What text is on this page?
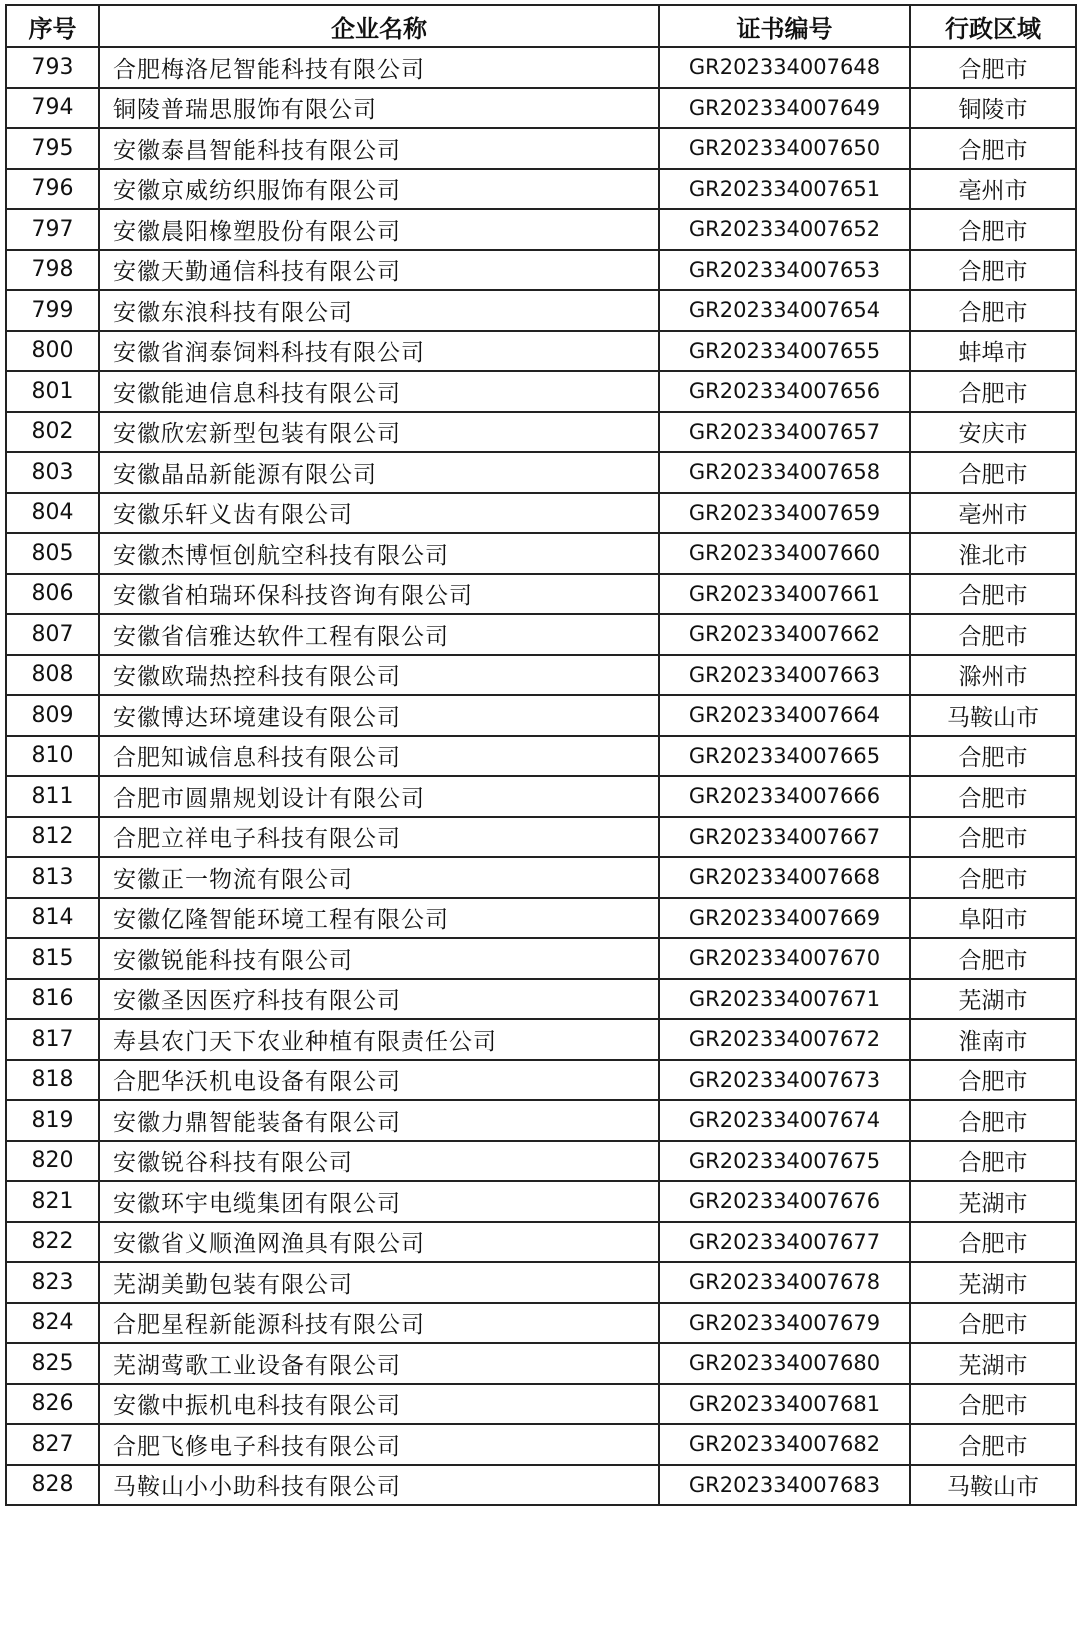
序号	企业名称	证书编号	行政区域
793	合肥梅洛尼智能科技有限公司	GR202334007648	合肥市
794	铜陵普瑞思服饰有限公司	GR202334007649	铜陵市
795	安徽泰昌智能科技有限公司	GR202334007650	合肥市
796	安徽京威纺织服饰有限公司	GR202334007651	亳州市
797	安徽晨阳橡塑股份有限公司	GR202334007652	合肥市
798	安徽天勤通信科技有限公司	GR202334007653	合肥市
799	安徽东浪科技有限公司	GR202334007654	合肥市
800	安徽省润泰饲料科技有限公司	GR202334007655	蚌埠市
801	安徽能迪信息科技有限公司	GR202334007656	合肥市
802	安徽欣宏新型包装有限公司	GR202334007657	安庆市
803	安徽晶品新能源有限公司	GR202334007658	合肥市
804	安徽乐轩义齿有限公司	GR202334007659	亳州市
805	安徽杰博恒创航空科技有限公司	GR202334007660	淮北市
806	安徽省柏瑞环保科技咨询有限公司	GR202334007661	合肥市
807	安徽省信雅达软件工程有限公司	GR202334007662	合肥市
808	安徽欧瑞热控科技有限公司	GR202334007663	滁州市
809	安徽博达环境建设有限公司	GR202334007664	马鞍山市
810	合肥知诚信息科技有限公司	GR202334007665	合肥市
811	合肥市圆鼎规划设计有限公司	GR202334007666	合肥市
812	合肥立祥电子科技有限公司	GR202334007667	合肥市
813	安徽正一物流有限公司	GR202334007668	合肥市
814	安徽亿隆智能环境工程有限公司	GR202334007669	阜阳市
815	安徽锐能科技有限公司	GR202334007670	合肥市
816	安徽圣因医疗科技有限公司	GR202334007671	芜湖市
817	寿县农门天下农业种植有限责任公司	GR202334007672	淮南市
818	合肥华沃机电设备有限公司	GR202334007673	合肥市
819	安徽力鼎智能装备有限公司	GR202334007674	合肥市
820	安徽锐谷科技有限公司	GR202334007675	合肥市
821	安徽环宇电缆集团有限公司	GR202334007676	芜湖市
822	安徽省义顺渔网渔具有限公司	GR202334007677	合肥市
823	芜湖美勤包装有限公司	GR202334007678	芜湖市
824	合肥星程新能源科技有限公司	GR202334007679	合肥市
825	芜湖莺歌工业设备有限公司	GR202334007680	芜湖市
826	安徽中振机电科技有限公司	GR202334007681	合肥市
827	合肥飞修电子科技有限公司	GR202334007682	合肥市
828	马鞍山小小助科技有限公司	GR202334007683	马鞍山市
